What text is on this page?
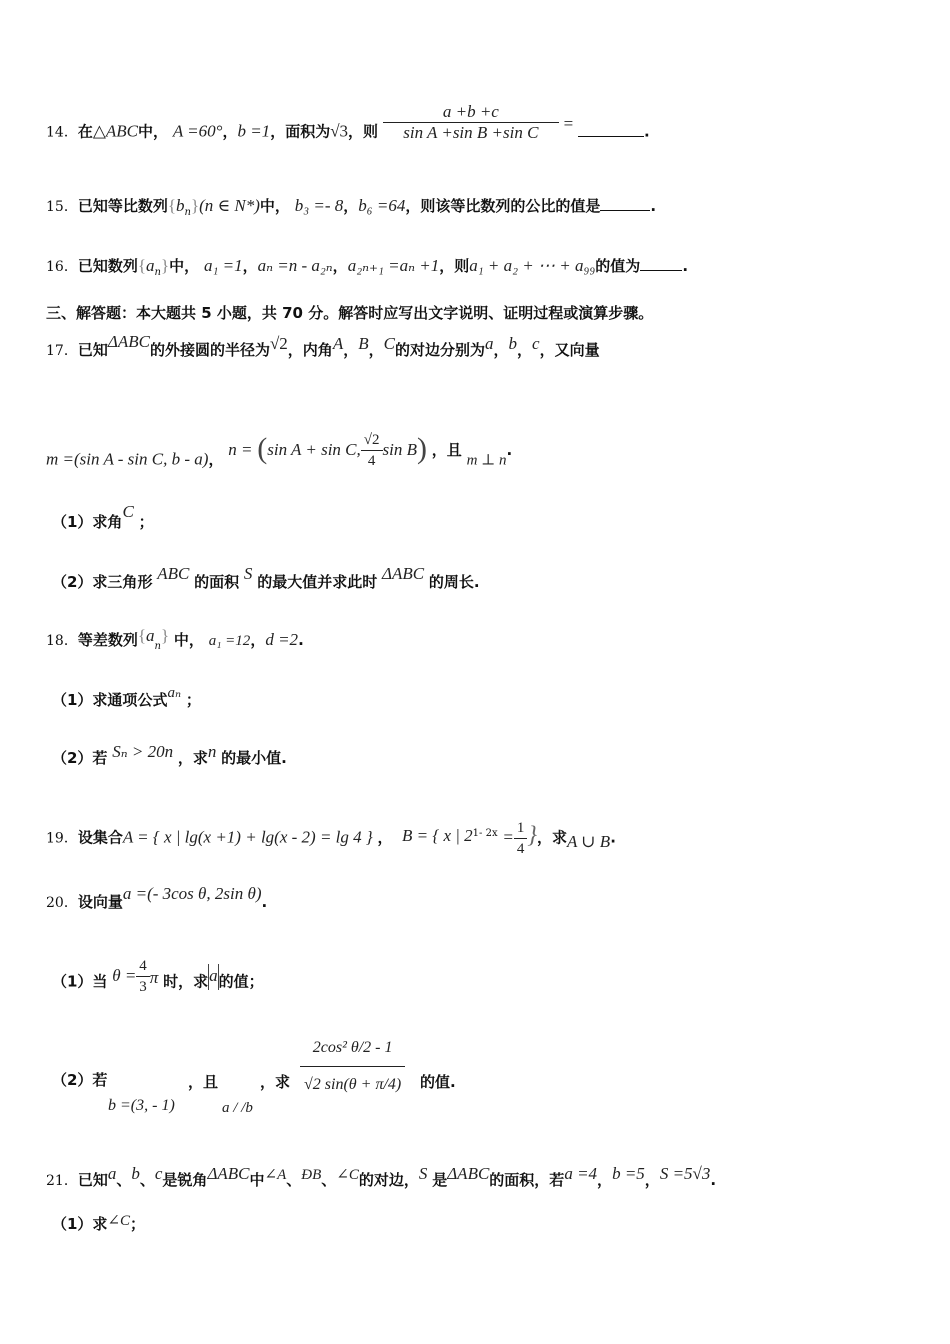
14．在△ABC中， A =60°，b =1，面积为√3，则 $\frac{a +b +c}{\text{sin A +sin B +sin C}}$ =	.
15．已知等比数列$\{b_n\}(n$ ∈ N*)中， b₃ =- 8，b₆ =64，则该等比数列的公比的值是	.
16．已知数列$\{a_n\}$中， a₁ =1，aₙ =n - a₂ₙ，a₂ₙ₊₁ =aₙ +1，则a₁ + a₂ + ⋯ + a₉₉的值为	.
三、解答题：本大题共 5 小题，共 70 分。解答时应写出文字说明、证明过程或演算步骤。
17．已知ΔABC的外接圆的半径为√2，内角A，B，C的对边分别为a，b，c，又向量
m =(sin A - sin C, b - a)， n = (sin A + sin C, $\frac{√2}{4}$ sin B) ，且 m ⊥ n.
（1）求角C ；
（2）求三角形 ABC 的面积 S 的最大值并求此时 ΔABC 的周长.
18．等差数列$\{a_n\}$ 中， a₁ =12，d =2.
（1）求通项公式aₙ ；
（2）若 Sₙ > 20n ，求n 的最小值.
19．设集合A = { x | lg(x +1) + lg(x - 2) = lg 4 } ， B = { x | $2^{1- 2x} = \frac{1}{4}$ }，求A ∪ B.
20．设向量a =(- 3cos θ, 2sin θ).
（1）当 $\theta = \frac{4}{3}$ π 时，求a的值；
（2）若
b =(3, - 1)
，且
a / /b
，求 $\frac{\text{2cos² θ/2 - 1}}{√2 \sin(\theta + \pi/4)}$ 的值.
21．已知a、b、c是锐角ΔABC中∠A、ÐB、∠C的对边，S 是ΔABC的面积，若a =4，b =5，S =5√3.
（1）求∠C；
